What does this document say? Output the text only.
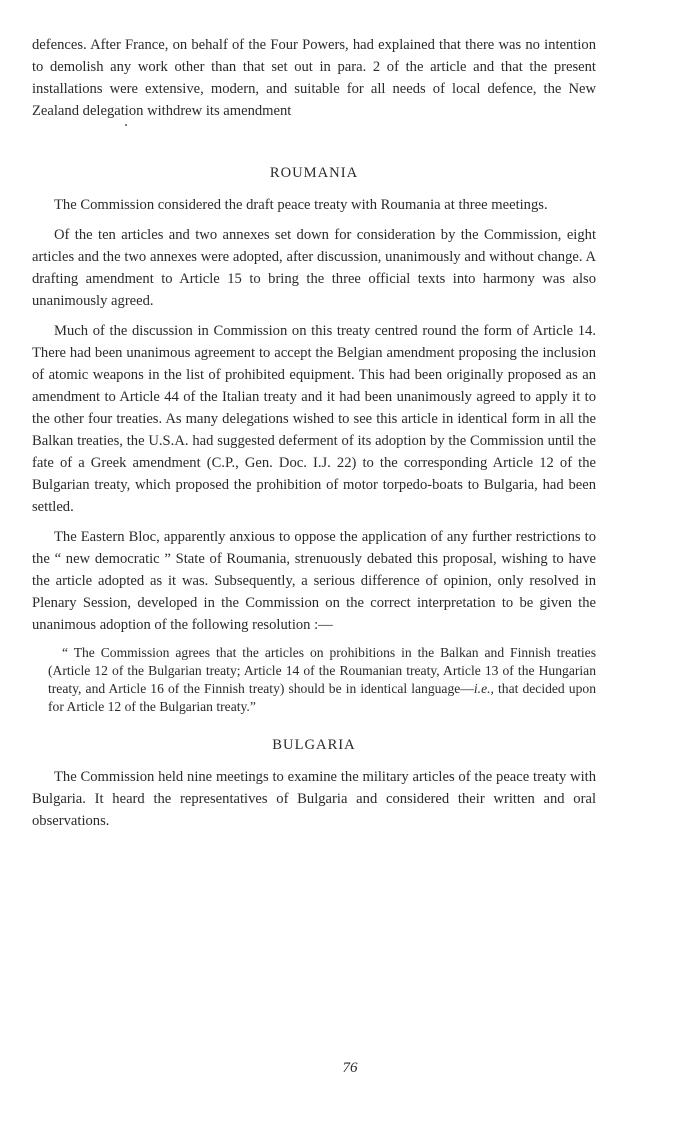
defences. After France, on behalf of the Four Powers, had explained that there was no intention to demolish any work other than that set out in para. 2 of the article and that the present installations were extensive, modern, and suitable for all needs of local defence, the New Zealand delegation withdrew its amendment

ROUMANIA

The Commission considered the draft peace treaty with Roumania at three meetings.

Of the ten articles and two annexes set down for consideration by the Commission, eight articles and the two annexes were adopted, after discussion, unanimously and without change. A drafting amendment to Article 15 to bring the three official texts into harmony was also unanimously agreed.

Much of the discussion in Commission on this treaty centred round the form of Article 14. There had been unanimous agreement to accept the Belgian amendment proposing the inclusion of atomic weapons in the list of prohibited equipment. This had been originally proposed as an amendment to Article 44 of the Italian treaty and it had been unanimously agreed to apply it to the other four treaties. As many delegations wished to see this article in identical form in all the Balkan treaties, the U.S.A. had suggested deferment of its adoption by the Commission until the fate of a Greek amendment (C.P., Gen. Doc. I.J. 22) to the corresponding Article 12 of the Bulgarian treaty, which proposed the prohibition of motor torpedo-boats to Bulgaria, had been settled.

The Eastern Bloc, apparently anxious to oppose the application of any further restrictions to the “ new democratic ” State of Roumania, strenuously debated this proposal, wishing to have the article adopted as it was. Subsequently, a serious difference of opinion, only resolved in Plenary Session, developed in the Commission on the correct interpretation to be given the unanimous adoption of the following resolution :—

“ The Commission agrees that the articles on prohibitions in the Balkan and Finnish treaties (Article 12 of the Bulgarian treaty; Article 14 of the Roumanian treaty, Article 13 of the Hungarian treaty, and Article 16 of the Finnish treaty) should be in identical language—i.e., that decided upon for Article 12 of the Bulgarian treaty.”

BULGARIA

The Commission held nine meetings to examine the military articles of the peace treaty with Bulgaria. It heard the representatives of Bulgaria and considered their written and oral observations.

76
